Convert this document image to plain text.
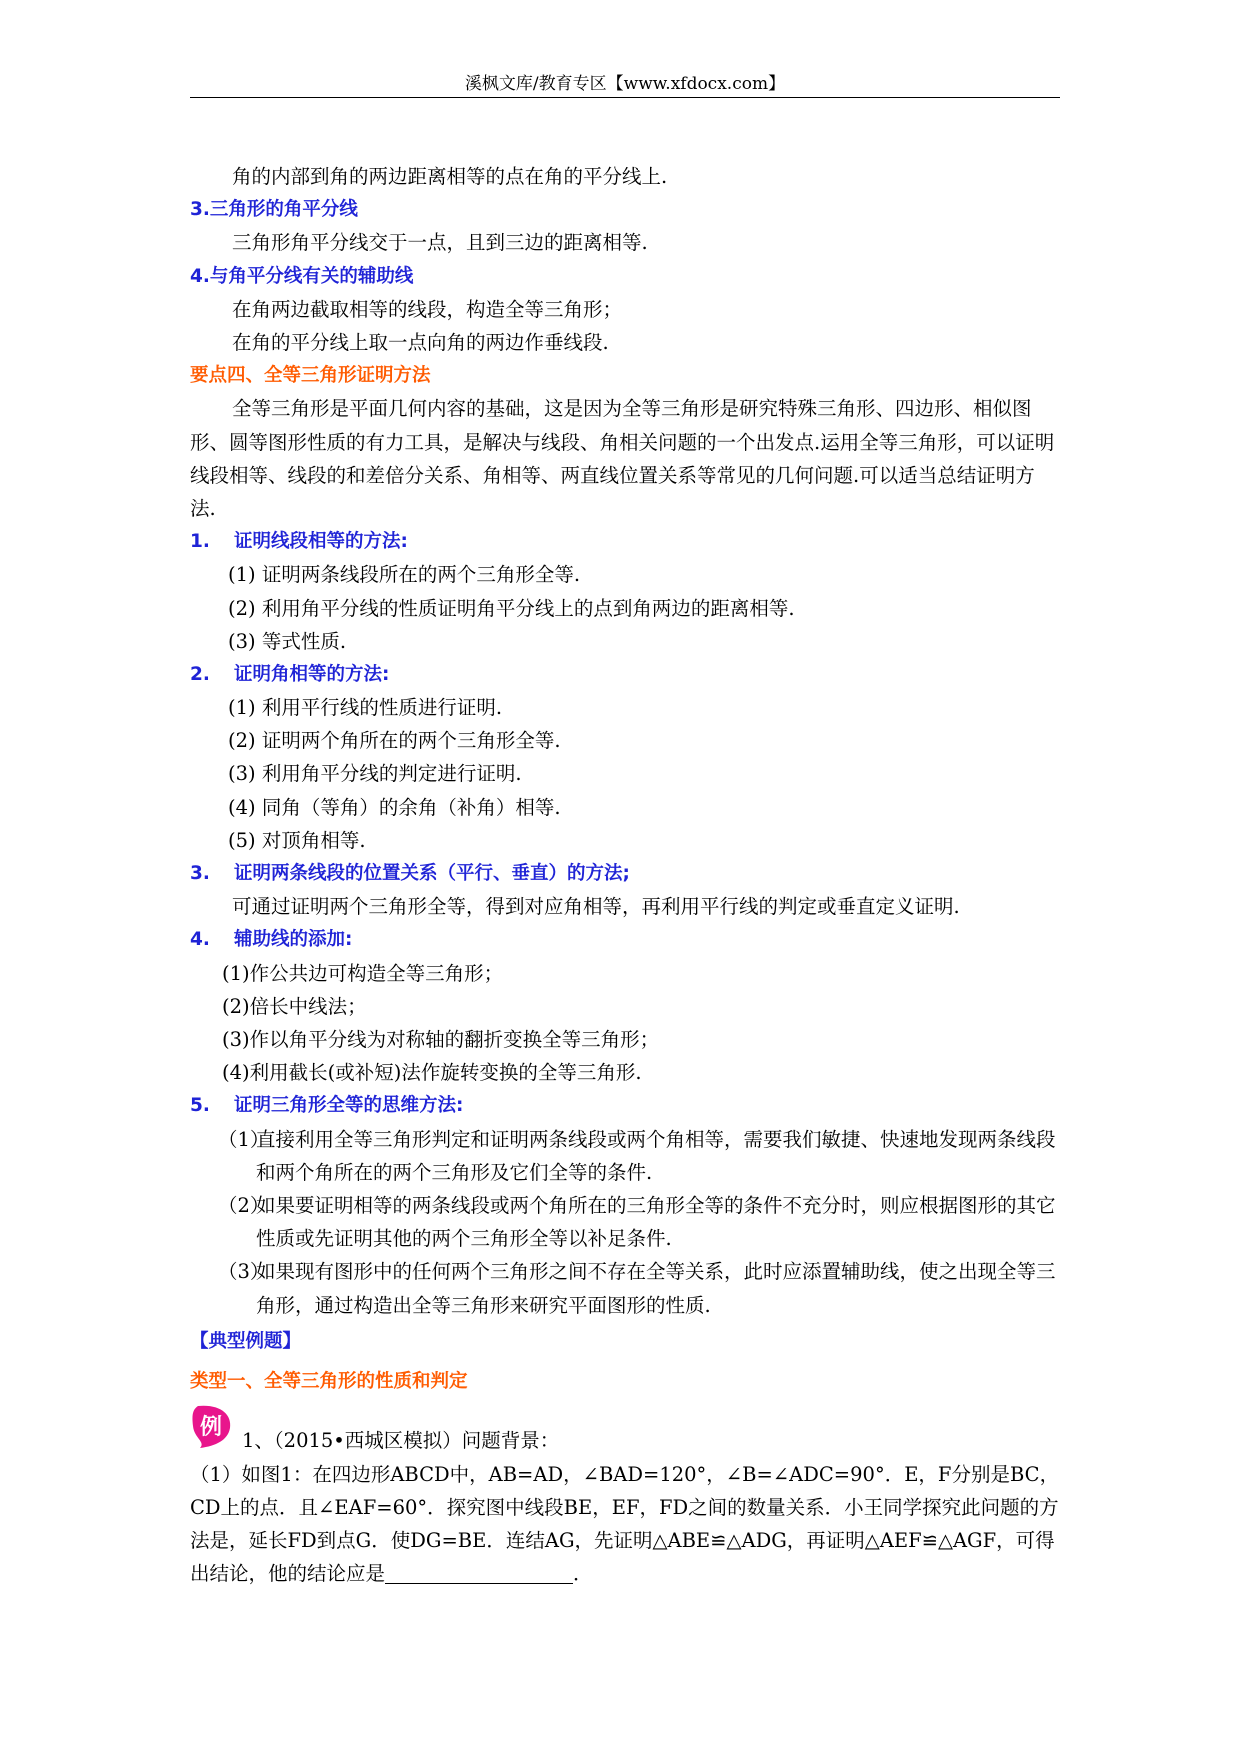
溪枫文库/教育专区【www.xfdocx.com】
角的内部到角的两边距离相等的点在角的平分线上.
3.三角形的角平分线
三角形角平分线交于一点，且到三边的距离相等.
4.与角平分线有关的辅助线
在角两边截取相等的线段，构造全等三角形；
在角的平分线上取一点向角的两边作垂线段.
要点四、全等三角形证明方法
全等三角形是平面几何内容的基础，这是因为全等三角形是研究特殊三角形、四边形、相似图形、圆等图形性质的有力工具，是解决与线段、角相关问题的一个出发点.运用全等三角形，可以证明线段相等、线段的和差倍分关系、角相等、两直线位置关系等常见的几何问题.可以适当总结证明方法.
1. 证明线段相等的方法:
(1) 证明两条线段所在的两个三角形全等.
(2) 利用角平分线的性质证明角平分线上的点到角两边的距离相等.
(3) 等式性质.
2. 证明角相等的方法:
(1) 利用平行线的性质进行证明.
(2) 证明两个角所在的两个三角形全等.
(3) 利用角平分线的判定进行证明.
(4) 同角（等角）的余角（补角）相等.
(5) 对顶角相等.
3. 证明两条线段的位置关系（平行、垂直）的方法;
可通过证明两个三角形全等，得到对应角相等，再利用平行线的判定或垂直定义证明.
4. 辅助线的添加:
(1)作公共边可构造全等三角形；
(2)倍长中线法；
(3)作以角平分线为对称轴的翻折变换全等三角形；
(4)利用截长(或补短)法作旋转变换的全等三角形.
5. 证明三角形全等的思维方法:
（1）直接利用全等三角形判定和证明两条线段或两个角相等，需要我们敏捷、快速地发现两条线段和两个角所在的两个三角形及它们全等的条件.
（2）如果要证明相等的两条线段或两个角所在的三角形全等的条件不充分时，则应根据图形的其它性质或先证明其他的两个三角形全等以补足条件.
（3）如果现有图形中的任何两个三角形之间不存在全等关系，此时应添置辅助线，使之出现全等三角形，通过构造出全等三角形来研究平面图形的性质.
【典型例题】
类型一、全等三角形的性质和判定
例
1、（2015•西城区模拟）问题背景：
（1）如图1：在四边形ABCD中，AB=AD，∠BAD=120°，∠B=∠ADC=90°．E，F分别是BC，CD上的点．且∠EAF=60°．探究图中线段BE，EF，FD之间的数量关系．小王同学探究此问题的方法是，延长FD到点G．使DG=BE．连结AG，先证明△ABE≌△ADG，再证明△AEF≌△AGF，可得出结论，他的结论应是	．
